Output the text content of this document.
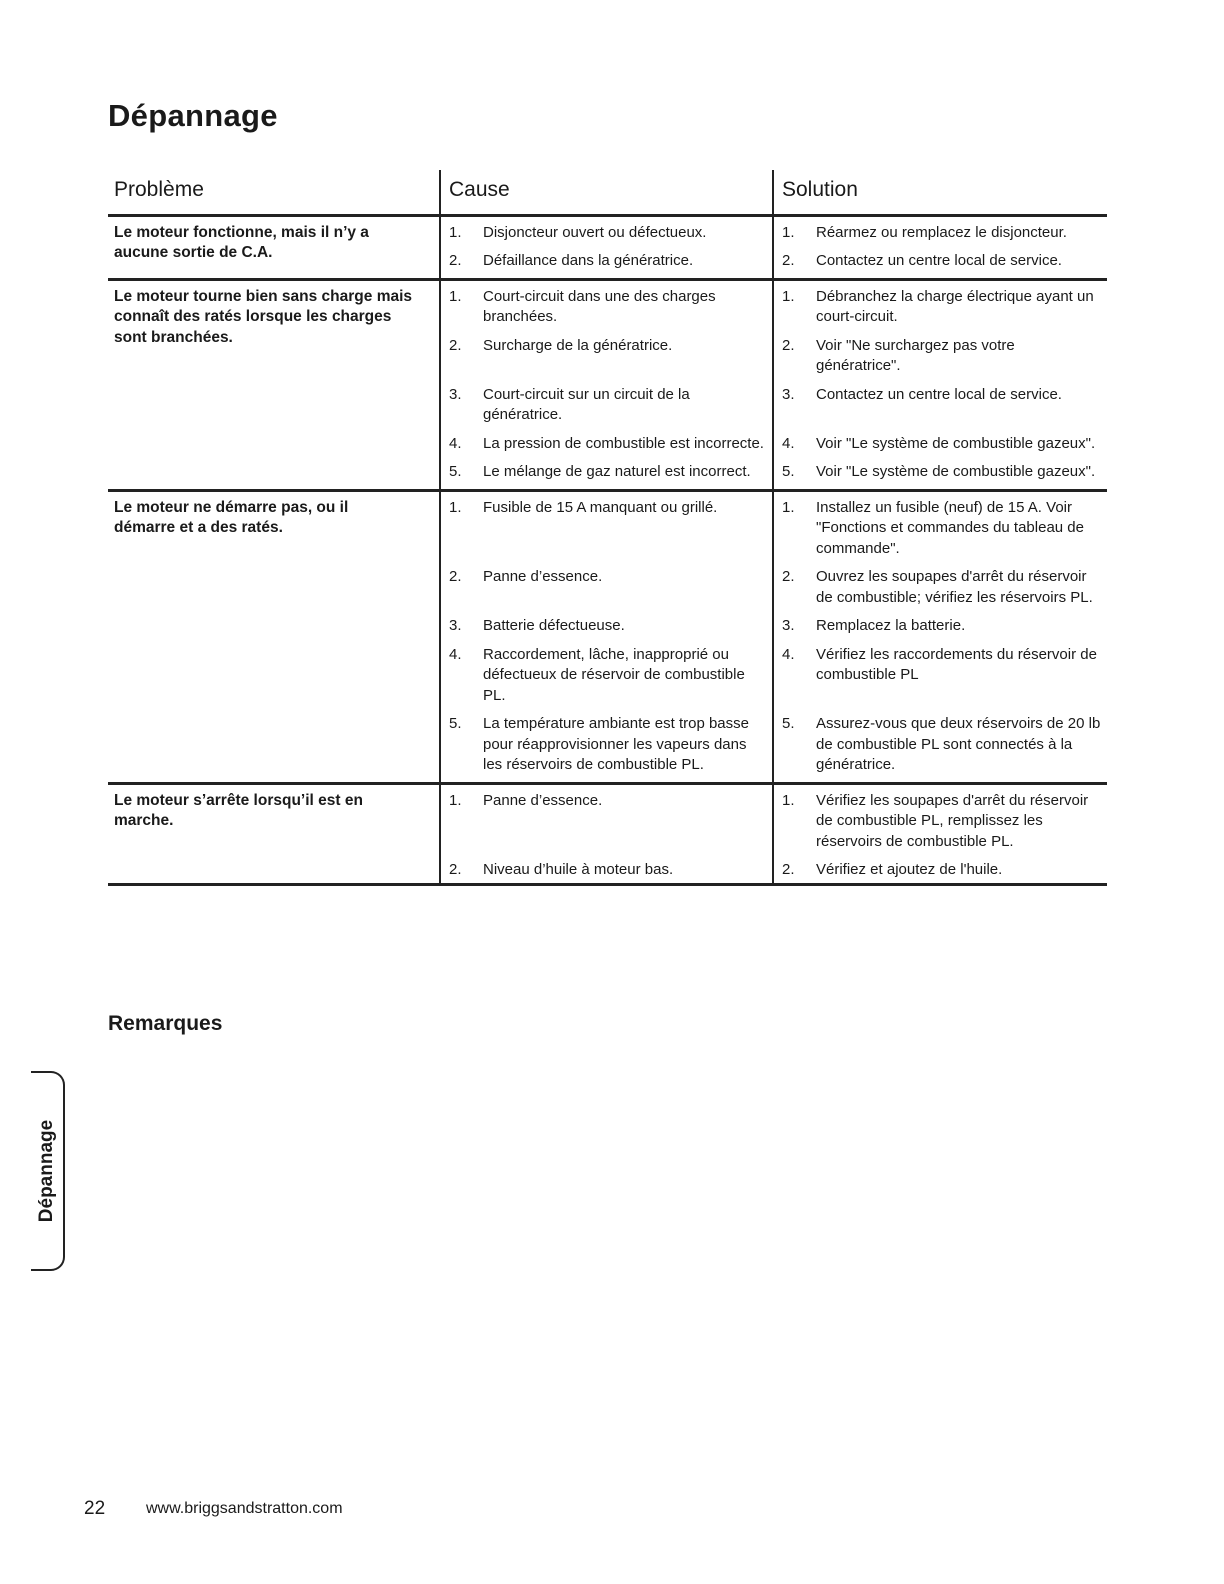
Dépannage
Problème	Cause	Solution
Le moteur fonctionne, mais il n’y a aucune sortie de C.A.	1. Disjoncteur ouvert ou défectueux.	1. Réarmez ou remplacez le disjoncteur.

	2. Défaillance dans la génératrice.	2. Contactez un centre local de service.

Le moteur tourne bien sans charge mais connaît des ratés lorsque les charges sont branchées.	1. Court-circuit dans une des charges branchées.	1. Débranchez la charge électrique ayant un court-circuit.

	2. Surcharge de la génératrice.	2. Voir "Ne surchargez pas votre génératrice".

	3. Court-circuit sur un circuit de la génératrice.	3. Contactez un centre local de service.

	4. La pression de combustible est incorrecte.	4. Voir "Le système de combustible gazeux".

	5. Le mélange de gaz naturel est incorrect.	5. Voir "Le système de combustible gazeux".

Le moteur ne démarre pas, ou il démarre et a des ratés.	1. Fusible de 15 A manquant ou grillé.	1. Installez un fusible (neuf) de 15 A. Voir "Fonctions et commandes du tableau de commande".

	2. Panne d’essence.	2. Ouvrez les soupapes d'arrêt du réservoir de combustible; vérifiez les réservoirs PL.

	3. Batterie défectueuse.	3. Remplacez la batterie.

	4. Raccordement, lâche, inapproprié ou défectueux de réservoir de combustible PL.	4. Vérifiez les raccordements du réservoir de combustible PL

	5. La température ambiante est trop basse pour réapprovisionner les vapeurs dans les réservoirs de combustible PL.	5. Assurez-vous que deux réservoirs de 20 lb de combustible PL sont connectés à la génératrice.

Le moteur s’arrête lorsqu’il est en marche.	1. Panne d’essence.	1. Vérifiez les soupapes d'arrêt du réservoir de combustible PL, remplissez les réservoirs de combustible PL.

	2. Niveau d’huile à moteur bas.	2. Vérifiez et ajoutez de l'huile.
Remarques
Dépannage
22	www.briggsandstratton.com
